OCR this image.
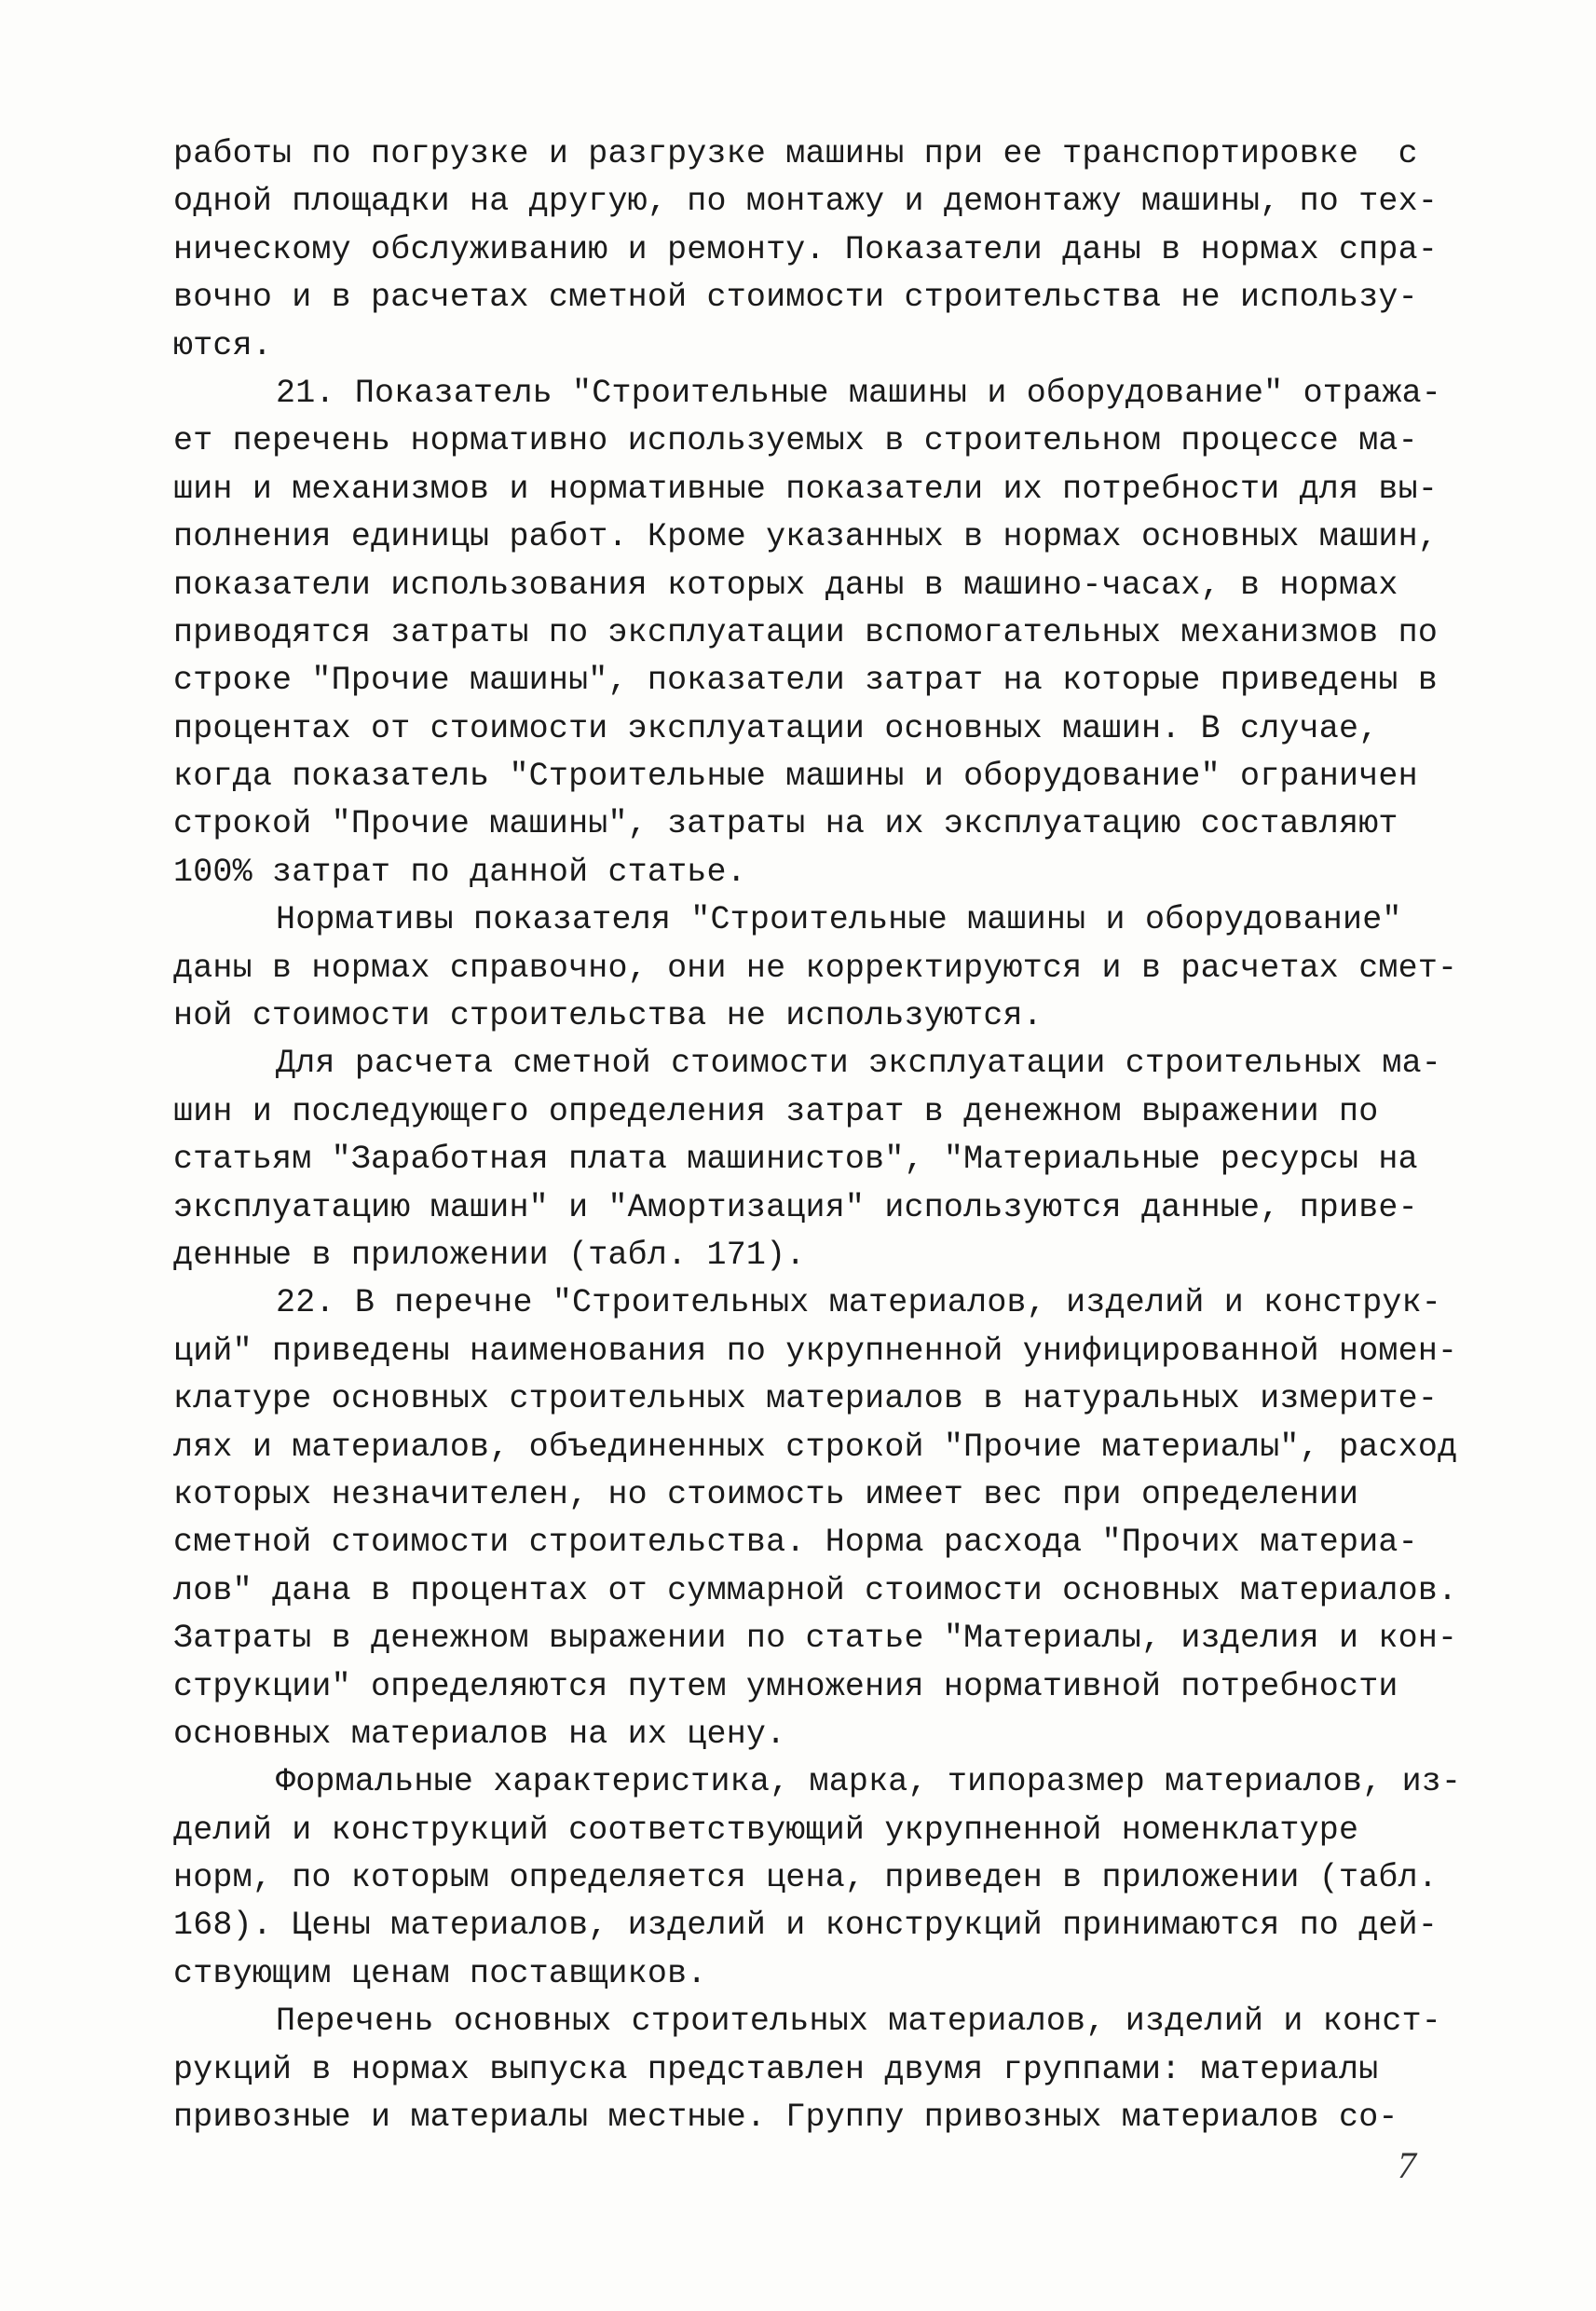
работы по погрузке и разгрузке машины при ее транспортировке  с
одной площадки на другую, по монтажу и демонтажу машины, по тех-
ническому обслуживанию и ремонту. Показатели даны в нормах спра-
вочно и в расчетах сметной стоимости строительства не использу-
ются.
21. Показатель "Строительные машины и оборудование" отража-
ет перечень нормативно используемых в строительном процессе ма-
шин и механизмов и нормативные показатели их потребности для вы-
полнения единицы работ. Кроме указанных в нормах основных машин,
показатели использования которых даны в машино-часах, в нормах
приводятся затраты по эксплуатации вспомогательных механизмов по
строке "Прочие машины", показатели затрат на которые приведены в
процентах от стоимости эксплуатации основных машин. В случае,
когда показатель "Строительные машины и оборудование" ограничен
строкой "Прочие машины", затраты на их эксплуатацию составляют
100% затрат по данной статье.
Нормативы показателя "Строительные машины и оборудование"
даны в нормах справочно, они не корректируются и в расчетах смет-
ной стоимости строительства не используются.
Для расчета сметной стоимости эксплуатации строительных ма-
шин и последующего определения затрат в денежном выражении по
статьям "Заработная плата машинистов", "Материальные ресурсы на
эксплуатацию машин" и "Амортизация" используются данные, приве-
денные в приложении (табл. 171).
22. В перечне "Строительных материалов, изделий и конструк-
ций" приведены наименования по укрупненной унифицированной номен-
клатуре основных строительных материалов в натуральных измерите-
лях и материалов, объединенных строкой "Прочие материалы", расход
которых незначителен, но стоимость имеет вес при определении
сметной стоимости строительства. Норма расхода "Прочих материа-
лов" дана в процентах от суммарной стоимости основных материалов.
Затраты в денежном выражении по статье "Материалы, изделия и кон-
струкции" определяются путем умножения нормативной потребности
основных материалов на их цену.
Формальные характеристика, марка, типоразмер материалов, из-
делий и конструкций соответствующий укрупненной номенклатуре
норм, по которым определяется цена, приведен в приложении (табл.
168). Цены материалов, изделий и конструкций принимаются по дей-
ствующим ценам поставщиков.
Перечень основных строительных материалов, изделий и конст-
рукций в нормах выпуска представлен двумя группами: материалы
привозные и материалы местные. Группу привозных материалов со-
7
